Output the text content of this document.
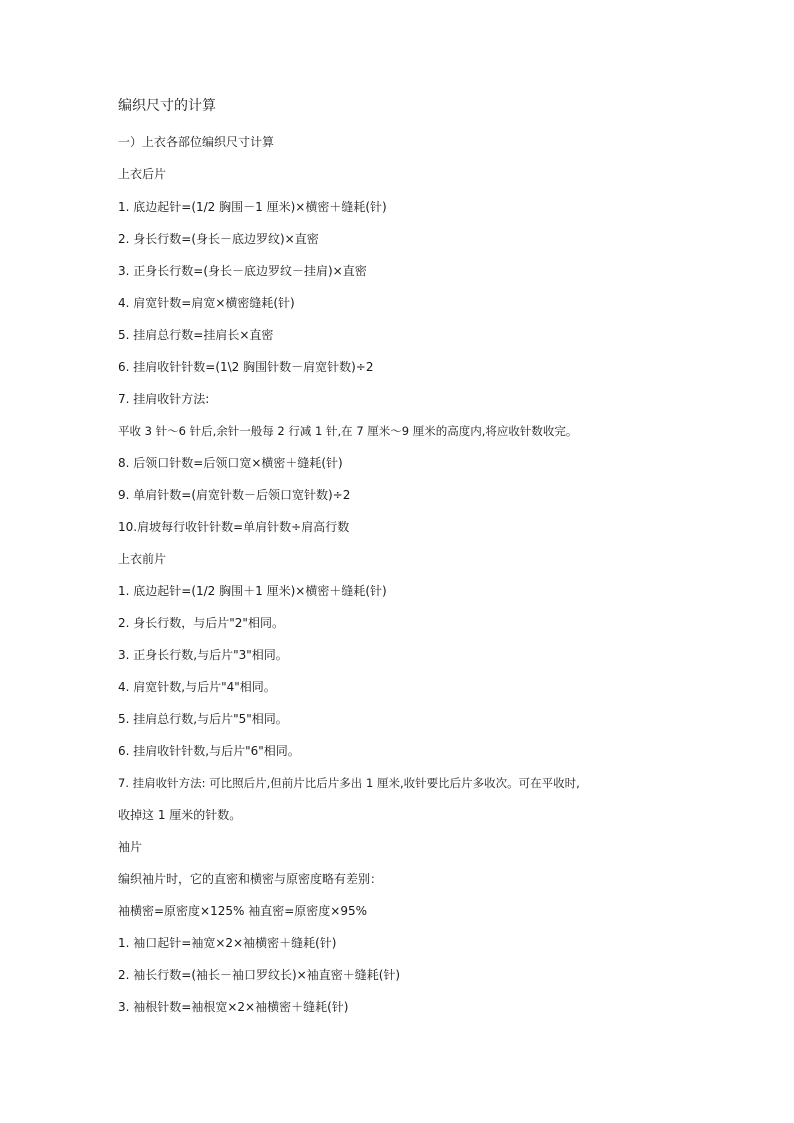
编织尺寸的计算
一）上衣各部位编织尺寸计算
上衣后片
1. 底边起针=(1/2 胸围－1 厘米)×横密＋缝耗(针)
2. 身长行数=(身长－底边罗纹)×直密
3. 正身长行数=(身长－底边罗纹－挂肩)×直密
4. 肩宽针数=肩宽×横密缝耗(针)
5. 挂肩总行数=挂肩长×直密
6. 挂肩收针针数=(1\2 胸围针数－肩宽针数)÷2
7. 挂肩收针方法:
平收 3 针～6 针后,余针一般每 2 行减 1 针,在 7 厘米～9 厘米的高度内,将应收针数收完。
8. 后领口针数=后领口宽×横密＋缝耗(针)
9. 单肩针数=(肩宽针数－后领口宽针数)÷2
10.肩坡每行收针针数=单肩针数÷肩高行数
上衣前片
1. 底边起针=(1/2 胸围＋1 厘米)×横密＋缝耗(针)
2. 身长行数，与后片"2"相同。
3. 正身长行数,与后片"3"相同。
4. 肩宽针数,与后片"4"相同。
5. 挂肩总行数,与后片"5"相同。
6. 挂肩收针针数,与后片"6"相同。
7. 挂肩收针方法: 可比照后片,但前片比后片多出 1 厘米,收针要比后片多收次。可在平收时,
收掉这 1 厘米的针数。
袖片
编织袖片时，它的直密和横密与原密度略有差别：
袖横密=原密度×125% 袖直密=原密度×95%
1. 袖口起针=袖宽×2×袖横密＋缝耗(针)
2. 袖长行数=(袖长－袖口罗纹长)×袖直密＋缝耗(针)
3. 袖根针数=袖根宽×2×袖横密＋缝耗(针)
